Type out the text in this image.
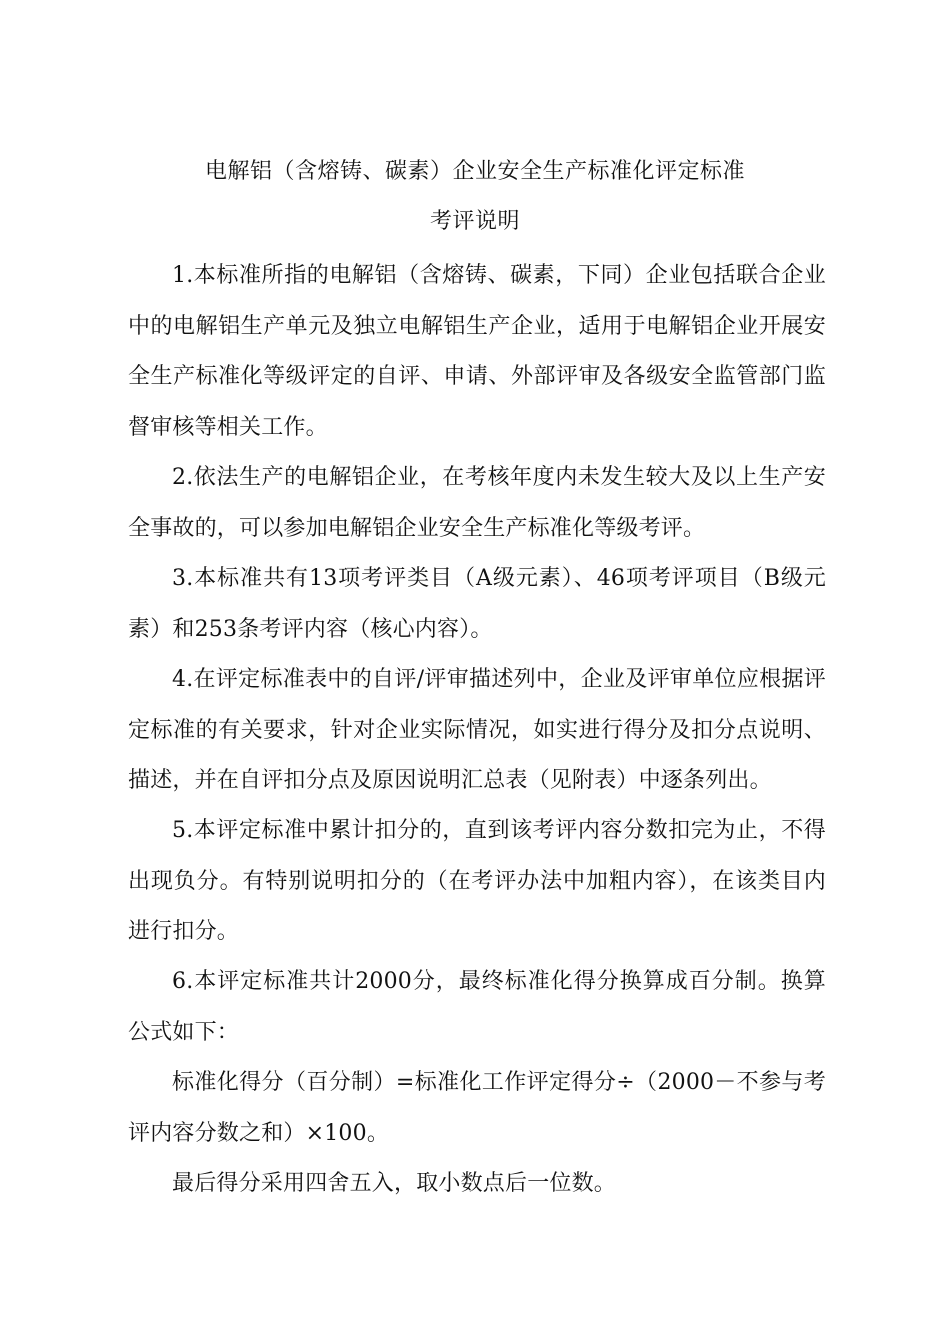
电解铝（含熔铸、碳素）企业安全生产标准化评定标准
考评说明
1.本标准所指的电解铝（含熔铸、碳素，下同）企业包括联合企业中的电解铝生产单元及独立电解铝生产企业，适用于电解铝企业开展安全生产标准化等级评定的自评、申请、外部评审及各级安全监管部门监督审核等相关工作。
2.依法生产的电解铝企业，在考核年度内未发生较大及以上生产安全事故的，可以参加电解铝企业安全生产标准化等级考评。
3.本标准共有13项考评类目（A级元素）、46项考评项目（B级元素）和253条考评内容（核心内容）。
4.在评定标准表中的自评/评审描述列中，企业及评审单位应根据评定标准的有关要求，针对企业实际情况，如实进行得分及扣分点说明、描述，并在自评扣分点及原因说明汇总表（见附表）中逐条列出。
5.本评定标准中累计扣分的，直到该考评内容分数扣完为止，不得出现负分。有特别说明扣分的（在考评办法中加粗内容），在该类目内进行扣分。
6.本评定标准共计2000分，最终标准化得分换算成百分制。换算公式如下：
标准化得分（百分制）=标准化工作评定得分÷（2000－不参与考评内容分数之和）×100。
最后得分采用四舍五入，取小数点后一位数。
